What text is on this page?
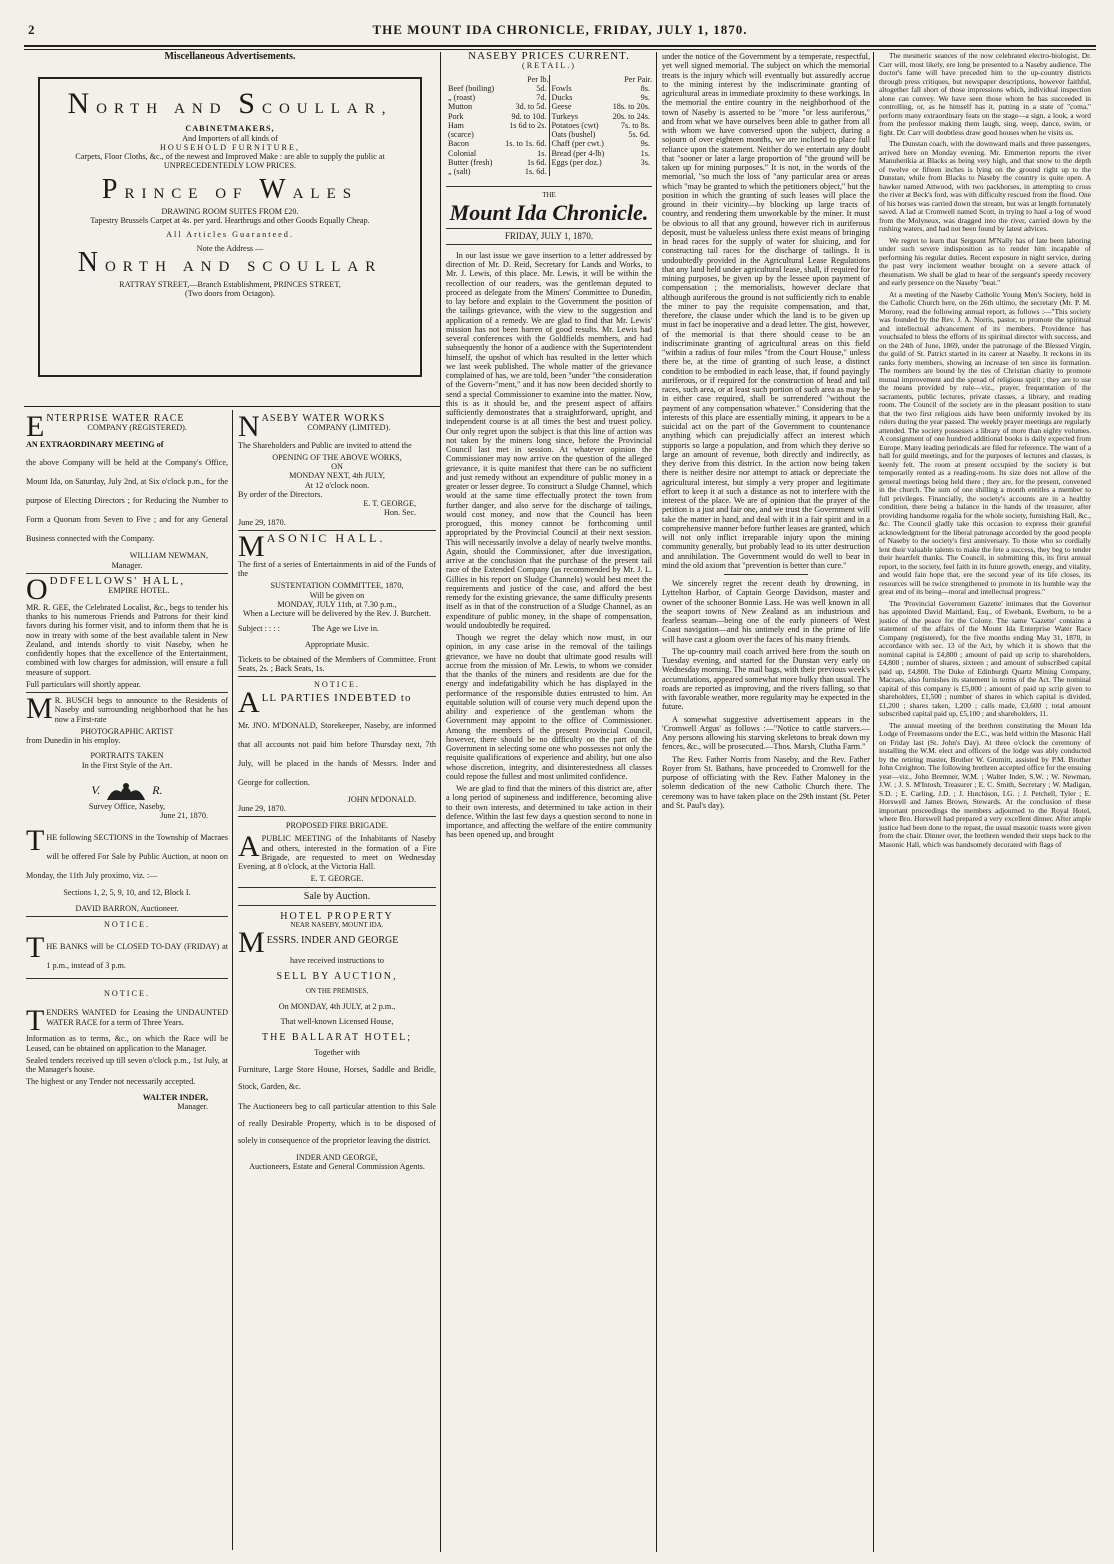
2	THE MOUNT IDA CHRONICLE, FRIDAY, JULY 1, 1870.
Miscellaneous Advertisements.
NORTH AND SCOULLAR,
CABINETMAKERS,
And Importers of all kinds of
HOUSEHOLD FURNITURE,
Carpets, Floor Cloths, &c., of the newest and Improved Make : are able to supply the public at
UNPRECEDENTEDLY LOW PRICES.
PRINCE OF WALES
DRAWING ROOM SUITES FROM £20.
Tapestry Brussels Carpet at 4s. per yard. Hearthrugs and other Goods Equally Cheap.
All Articles Guaranteed.
Note the Address —
NORTH AND SCOULLAR
RATTRAY STREET,—Branch Establishment, PRINCES STREET,
(Two doors from Octagon).
E NTERPRISE WATER RACE
COMPANY (REGISTERED).
AN EXTRAORDINARY MEETING of

the above Company will be held at the Company's Office, Mount Ida, on Saturday, July 2nd, at Six o'clock p.m., for the purpose of Electing Directors ; for Reducing the Number to Form a Quorum from Seven to Five ; and for any General Business connected with the Company.

WILLIAM NEWMAN,
Manager.
O DDFELLOWS' HALL,
EMPIRE HOTEL.

MR. R. GEE, the Celebrated Localist, &c., begs to tender his thanks to his numerous Friends and Patrons for their kind favors during his former visit, and to inform them that he is now in treaty with some of the best available talent in New Zealand, and intends shortly to visit Naseby, when he confidently hopes that the excellence of the Entertainment, combined with low charges for admission, will ensure a full measure of support.

Full particulars will shortly appear.

M R. BUSCH begs to announce to the Residents of Naseby and surrounding neighborhood that he has now a First-rate

PHOTOGRAPHIC ARTIST
from Dunedin in his employ.
PORTRAITS TAKEN
In the First Style of the Art.
V.	R.
Survey Office, Naseby,
June 21, 1870.
T HE following SECTIONS in the Township of Macraes will be offered For Sale by Public Auction, at noon on Monday, the 11th July proximo, viz. :—

Sections 1, 2, 5, 9, 10, and 12, Block I.
DAVID BARRON, Auctioneer.
NOTICE.
T HE BANKS will be CLOSED TO-DAY (FRIDAY) at 1 p.m., instead of 3 p.m.

NOTICE.
T ENDERS WANTED for Leasing the UNDAUNTED WATER RACE for a term of Three Years.

Information as to terms, &c., on which the Race will be Leased, can be obtained on application to the Manager.

Sealed tenders received up till seven o'clock p.m., 1st July, at the Manager's house.

The highest or any Tender not necessarily accepted.

WALTER INDER,
Manager.
N ASEBY WATER WORKS
COMPANY (LIMITED).

The Shareholders and Public are invited to attend the

OPENING OF THE ABOVE WORKS,
ON
MONDAY NEXT, 4th JULY,
At 12 o'clock noon.
By order of the Directors.
E. T. GEORGE,
Hon. Sec.
June 29, 1870.
M ASONIC HALL.

The first of a series of Entertainments in aid of the Funds of the

SUSTENTATION COMMITTEE, 1870,
Will be given on
MONDAY, JULY 11th, at 7.30 p.m.,
When a Lecture will be delivered by the Rev. J. Burchett.
Subject : : : :	The Age we Live in.
Appropriate Music.

Tickets to be obtained of the Members of Committee. Front Seats, 2s. ; Back Seats, 1s.

NOTICE.
A LL PARTIES INDEBTED to

Mr. JNO. M'DONALD, Storekeeper, Naseby, are informed that all accounts not paid him before Thursday next, 7th July, will be placed in the hands of Messrs. Inder and George for collection.

JOHN M'DONALD.
June 29, 1870.
PROPOSED FIRE BRIGADE.
A PUBLIC MEETING of the Inhabitants of Naseby and others, interested in the formation of a Fire Brigade, are requested to meet on Wednesday Evening, at 8 o'clock, at the Victoria Hall.

E. T. GEORGE.
Sale by Auction.
HOTEL PROPERTY
NEAR NASEBY, MOUNT IDA.
M ESSRS. INDER AND GEORGE
have received instructions to
SELL BY AUCTION,
ON THE PREMISES,
On MONDAY, 4th JULY, at 2 p.m.,
That well-known Licensed House,
THE BALLARAT HOTEL;
Together with

Furniture, Large Store House, Horses, Saddle and Bridle, Stock, Garden, &c.

The Auctioneers beg to call particular attention to this Sale of really Desirable Property, which is to be disposed of solely in consequence of the proprietor leaving the district.

INDER AND GEORGE,
Auctioneers, Estate and General Commission Agents.
NASEBY PRICES CURRENT.
(RETAIL.)
Per lb.
Beef (boiling)	5d.
„ (roast)	7d.
Mutton	3d. to 5d.
Pork	9d. to 10d.
Ham	1s 6d to 2s.
(scarce)	
Bacon	1s. to 1s. 6d.
Colonial	1s.
Butter (fresh)	1s 6d.
„ (salt)	1s. 6d.
Per Pair.
Fowls	8s.
Ducks	9s.
Geese	18s. to 20s.
Turkeys	20s. to 24s.
Potatoes (cwt)	7s. to 8s.
Oats (bushel)	5s. 6d.
Chaff (per cwt.)	9s.
Bread (per 4-lb)	1s.
Eggs (per doz.)	3s.
THE
Mount Ida Chronicle.
FRIDAY, JULY 1, 1870.

In our last issue we gave insertion to a letter addressed by direction of Mr. D. Reid, Secretary for Lands and Works, to Mr. J. Lewis, of this place. Mr. Lewis, it will be within the recollection of our readers, was the gentleman deputed to proceed as delegate from the Miners' Committee to Dunedin, to lay before and explain to the Government the position of the tailings grievance, with the view to the suggestion and application of a remedy. We are glad to find that Mr. Lewis' mission has not been barren of good results. Mr. Lewis had several conferences with the Goldfields members, and had subsequently the honor of a audience with the Superintendent himself, the upshot of which has resulted in the letter which we last week published. The whole matter of the grievance complained of has, we are told, been "under "the consideration of the Govern-"ment," and it has now been decided shortly to send a special Commissioner to examine into the matter. Now, this is as it should be, and the present aspect of affairs sufficiently demonstrates that a straightforward, upright, and independent course is at all times the best and truest policy. Our only regret upon the subject is that this line of action was not taken by the miners long since, before the Provincial Council last met in session. At whatever opinion the Commissioner may now arrive on the question of the alleged grievance, it is quite manifest that there can be no sufficient and just remedy without an expenditure of public money in a greater or lesser degree. To construct a Sludge Channel, which would at the same time effectually protect the town from further danger, and also serve for the discharge of tailings, would cost money, and now that the Council has been prorogued, this money cannot be forthcoming until appropriated by the Provincial Council at their next session. This will necessarily involve a delay of nearly twelve months. Again, should the Commissioner, after due investigation, arrive at the conclusion that the purchase of the present tail race of the Extended Company (as recommended by Mr. J. L. Gillies in his report on Sludge Channels) would best meet the requirements and justice of the case, and afford the best remedy for the existing grievance, the same difficulty presents itself as in that of the construction of a Sludge Channel, as an expenditure of public money, in the shape of compensation, would undoubtedly be required.

Though we regret the delay which now must, in our opinion, in any case arise in the removal of the tailings grievance, we have no doubt that ultimate good results will accrue from the mission of Mr. Lewis, to whom we consider that the thanks of the miners and residents are due for the energy and indefatigability which he has displayed in the performance of the responsible duties entrusted to him. An equitable solution will of course very much depend upon the ability and experience of the gentleman whom the Government may appoint to the office of Commissioner. Among the members of the present Provincial Council, however, there should be no difficulty on the part of the Government in selecting some one who possesses not only the requisite qualifications of experience and ability, but one also whose discretion, integrity, and disinterestedness all classes could repose the fullest and most unlimited confidence.

We are glad to find that the miners of this district are, after a long period of supineness and indifference, becoming alive to their own interests, and determined to take action in their defence. Within the last few days a question second to none in importance, and affecting the welfare of the entire community has been opened up, and brought

under the notice of the Government by a temperate, respectful, yet well signed memorial. The subject on which the memorial treats is the injury which will eventually but assuredly accrue to the mining interest by the indiscriminate granting of agricultural areas in immediate proximity to these workings. In the memorial the entire country in the neighborhood of the town of Naseby is asserted to be "more "or less auriferous," and from what we have ourselves been able to gather from all with whom we have conversed upon the subject, during a sojourn of over eighteen months, we are inclined to place full reliance upon the statement. Neither do we entertain any doubt that "sooner or later a large proportion of "the ground will be taken up for mining purposes." It is not, in the words of the memorial, "so much the loss of "any particular area or areas which "may be granted to which the petitioners object," but the position in which the granting of such leases will place the ground in their vicinity—by blocking up large tracts of country, and rendering them unworkable by the miner. It must be obvious to all that any ground, however rich in auriferous deposit, must be valueless unless there exist means of bringing in head races for the supply of water for sluicing, and for constructing tail races for the discharge of tailings. It is undoubtedly provided in the Agricultural Lease Regulations that any land held under agricultural lease, shall, if required for mining purposes, be given up by the lessee upon payment of compensation ; the memorialists, however declare that although auriferous the ground is not sufficiently rich to enable the miner to pay the requisite compensation, and that, therefore, the clause under which the land is to be given up must in fact be inoperative and a dead letter. The gist, however, of the memorial is that there should cease to be an indiscriminate granting of agricultural areas on this field "within a radius of four miles "from the Court House," unless there be, at the time of granting of such lease, a distinct condition to be embodied in each lease, that, if found payingly auriferous, or if required for the construction of head and tail races, such area, or at least such portion of such area as may be in either case required, shall be surrendered "without the payment of any compensation whatever." Considering that the interests of this place are essentially mining, it appears to be a suicidal act on the part of the Government to countenance anything which can prejudicially affect an interest which supports so large a population, and from which they derive so large an amount of revenue, both directly and indirectly, as they derive from this district. In the action now being taken there is neither desire nor attempt to attack or depreciate the agricultural interest, but simply a very proper and legitimate effort to keep it at such a distance as not to interfere with the interest of the place. We are of opinion that the prayer of the petition is a just and fair one, and we trust the Government will take the matter in hand, and deal with it in a fair spirit and in a comprehensive manner before further leases are granted, which will not only inflict irreparable injury upon the mining community generally, but probably lead to its utter destruction and annihilation. The Government would do well to bear in mind the old axiom that "prevention is better than cure."

We sincerely regret the recent death by drowning, in Lyttelton Harbor, of Captain George Davidson, master and owner of the schooner Bonnie Lass. He was well known in all the seaport towns of New Zealand as an industrious and fearless seaman—being one of the early pioneers of West Coast navigation—and his untimely end in the prime of life will have cast a gloom over the faces of his many friends.

The up-country mail coach arrived here from the south on Tuesday evening, and started for the Dunstan very early on Wednesday morning. The mail bags, with their previous week's accumulations, appeared somewhat more bulky than usual. The roads are reported as improving, and the rivers falling, so that with favorable weather, more regularity may be expected in the future.

A somewhat suggestive advertisement appears in the 'Cromwell Argus' as follows :—"Notice to cattle starvers.—Any persons allowing his starving skeletons to break down my fences, &c., will be prosecuted.—Thos. Marsh, Clutha Farm."

The Rev. Father Norris from Naseby, and the Rev. Father Royer from St. Bathans, have proceeded to Cromwell for the purpose of officiating with the Rev. Father Maloney in the solemn dedication of the new Catholic Church there. The ceremony was to have taken place on the 29th instant (St. Peter and St. Paul's day).

The mesmeric seances of the now celebrated electro-biologist, Dr. Carr will, most likely, ere long be presented to a Naseby audience. The doctor's fame will have preceded him to the up-country districts through press critiques, but newspaper descriptions, however faithful, altogether fall short of those impressions which, individual inspection alone can convey. We have seen those whom he has succeeded in controlling, or, as he himself has it, putting in a state of "coma," perform many extraordinary feats on the stage—a sign, a look, a word from the professor making them laugh, sing, weep, dance, swim, or fight. Dr. Carr will doubtless draw good houses when he visits us.

The Dunstan coach, with the downward mails and three passengers, arrived here on Monday evening. Mr. Emmerton reports the river Manuherikia at Blacks as being very high, and that snow to the depth of twelve or fifteen inches is lying on the ground right up to the Dunstan, while from Blacks to Naseby the country is quite open. A hawker named Attwood, with two packhorses, in attempting to cross the river at Beck's ford, was with difficulty rescued from the flood. One of his horses was carried down the stream, but was at length fortunately saved. A lad at Cromwell named Scott, in trying to haul a log of wood from the Molyneux, was dragged into the river, carried down by the rushing waters, and had not been found by latest advices.

We regret to learn that Sergeant M'Nally has of late been laboring under such severe indisposition as to render him incapable of performing his regular duties. Recent exposure in night service, during the past very inclement weather brought on a severe attack of rheumatism. We shall be glad to hear of the sergeant's speedy recovery and early presence on the Naseby "beat."

At a meeting of the Naseby Catholic Young Men's Society, held in the Catholic Church here, on the 26th ultimo, the secretary (Mr. P. M. Morony, read the following annual report, as follows :—"This society was founded by the Rev. J. A. Norris, pastor, to promote the spiritual and intellectual advancement of its members. Providence has vouchsafed to bless the efforts of its spiritual director with success, and on the 24th of June, 1869, under the patronage of the Blessed Virgin, the guild of St. Patrict started in its career at Naseby. It reckons in its ranks forty members, showing an increase of ten since its formation. The members are bound by the ties of Christian charity to promote mutual improvement and the spread of religious spirit ; they are to use the means provided by rule—viz., prayer, frequentation of the sacraments, public lectures, private classes, a library, and reading room. The Council of the society are in the pleasant position to state that the two first religious aids have been uniformly invoked by its rulers during the year passed. The weekly prayer meetings are regularly attended. The society possesses a library of more than eighty volumes. A consignment of one hundred additional books is daily expected from Europe. Many leading periodicals are filed for reference. The want of a hall for guild meetings, and for the purposes of lectures and classes, is keenly felt. The room at present occupied by the society is but temporarily rented as a reading-room. Its size does not allow of the general meetings being held there ; they are, for the present, convened in the church. The sum of one shilling a month entitles a member to full privileges. Financially, the society's accounts are in a healthy condition, there being a balance in the hands of the treasurer, after providing handsome regalia for the whole society, furnishing Hall, &c., &c. The Council gladly take this occasion to express their grateful acknowledgment for the liberal patronage accorded by the good people of Naseby to the society's first anniversary. To those who so cordially lent their valuable talents to make the fete a success, they beg to tender their heartfelt thanks. The Council, in submitting this, its first annual report, to the society, feel faith in its future growth, energy, and vitality, and would fain hope that, ere the second year of its life closes, its resources will be twice strengthened to promote in its humble way the great end of its being—moral and intellectual progress."

The 'Provincial Government Gazette' intimates that the Governor has appointed David Maitland, Esq., of Ewebank, Eweburn, to be a justice of the peace for the Colony. The same 'Gazette' contains a statement of the affairs of the Mount Ida Enterprise Water Race Company (registered), for the five months ending May 31, 1870, in accordance with sec. 13 of the Act, by which it is shown that the nominal capital is £4,800 ; amount of paid up scrip to shareholders, £4,800 ; number of shares, sixteen ; and amount of subscribed capital paid up, £4,800. The Duke of Edinburgh Quartz Mining Company, Macraes, also furnishes its statement in terms of the Act. The nominal capital of this company is £5,000 ; amount of paid up scrip given to shareholders, £1,500 ; number of shares in which capital is divided, £1,200 ; shares taken, 1,200 ; calls made, £3,600 ; total amount subscribed capital paid up, £5,100 ; and shareholders, 11.

The annual meeting of the brethren constituting the Mount Ida Lodge of Freemasons under the E.C., was held within the Masonic Hall on Friday last (St. John's Day). At three o'clock the ceremony of installing the W.M. elect and officers of the lodge was ably conducted by the retiring master, Brother W. Grumitt, assisted by P.M. Brother John Creighton. The following brethren accepted office for the ensuing year—viz., John Bremner, W.M. ; Walter Inder, S.W. ; W. Newman, J.W. ; J. S. M'Intosh, Treasurer ; E. C. Smith, Secretary ; W. Madigan, S.D. ; E. Carling, J.D. ; J. Hutchison, I.G. ; J. Petchell, Tyler ; E. Horswell and James Brown, Stewards. At the conclusion of these important proceedings the members adjourned to the Royal Hotel, where Bro. Horswell had prepared a very excellent dinner. After ample justice had been done to the repast, the usual masonic toasts were given from the chair. Dinner over, the brethren wended their steps back to the Masonic Hall, which was handsomely decorated with flags of
